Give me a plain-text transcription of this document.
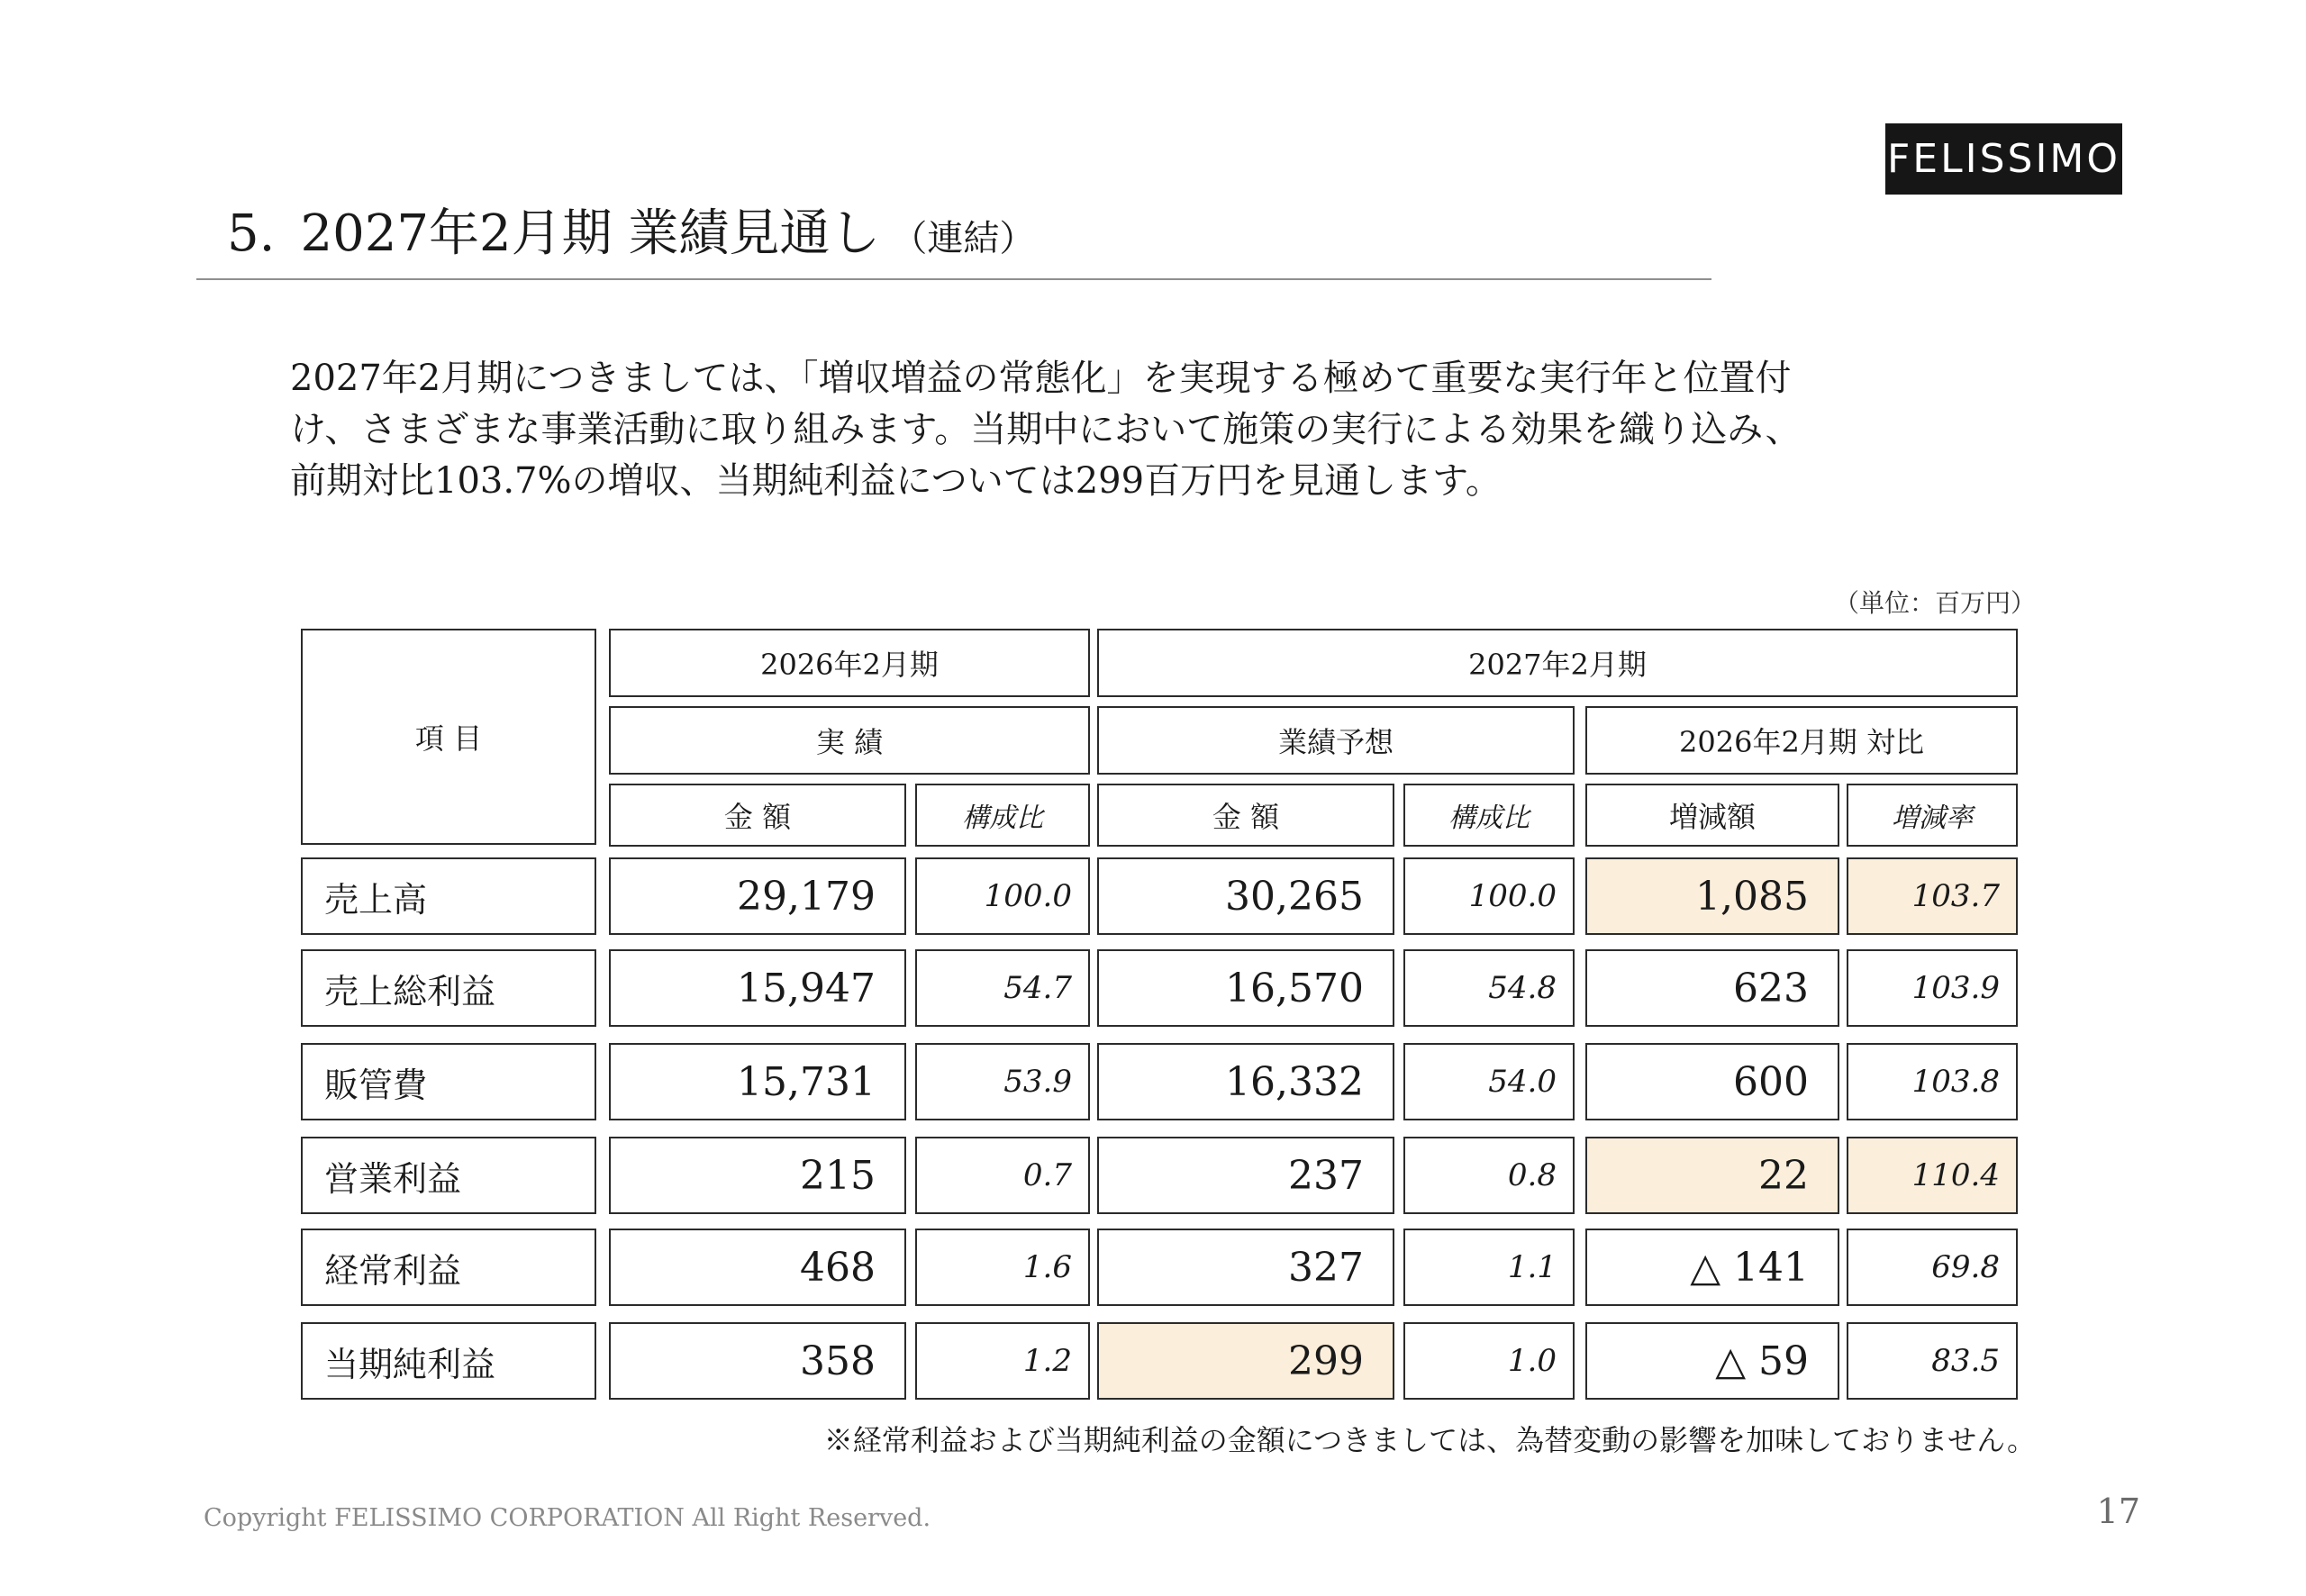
FELISSIMO
5. 2027年2月期 業績見通し （連結）
2027年2月期につきましては、「増収増益の常態化」を実現する極めて重要な実行年と位置付
け、さまざまな事業活動に取り組みます。当期中において施策の実行による効果を織り込み、
前期対比103.7%の増収、当期純利益については299百万円を見通します。
（単位：百万円）
項 目
2026年2月期	2027年2月期
実 績	業績予想	2026年2月期 対比
金 額	構成比	金 額	構成比	増減額	増減率
売上高	29,179	100.0	30,265	100.0	1,085	103.7
売上総利益	15,947	54.7	16,570	54.8	623	103.9
販管費	15,731	53.9	16,332	54.0	600	103.8
営業利益	215	0.7	237	0.8	22	110.4
経常利益	468	1.6	327	1.1	△ 141	69.8
当期純利益	358	1.2	299	1.0	△ 59	83.5
※経常利益および当期純利益の金額につきましては、為替変動の影響を加味しておりません。
Copyright FELISSIMO CORPORATION All Right Reserved.	17
